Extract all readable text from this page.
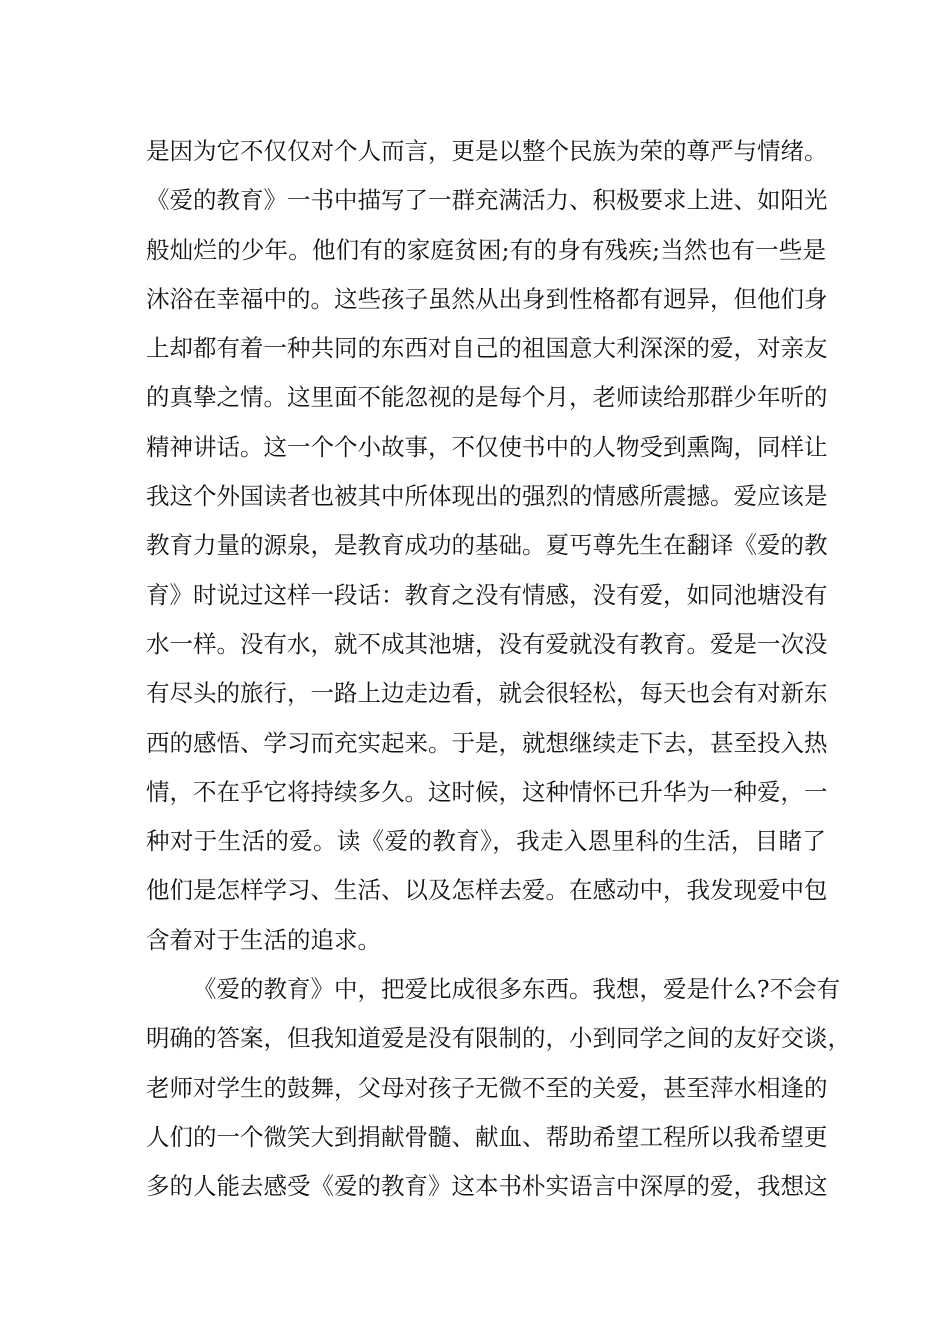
是因为它不仅仅对个人而言，更是以整个民族为荣的尊严与情绪。
《爱的教育》一书中描写了一群充满活力、积极要求上进、如阳光
般灿烂的少年。他们有的家庭贫困;有的身有残疾;当然也有一些是
沐浴在幸福中的。这些孩子虽然从出身到性格都有迥异，但他们身
上却都有着一种共同的东西对自己的祖国意大利深深的爱，对亲友
的真挚之情。这里面不能忽视的是每个月，老师读给那群少年听的
精神讲话。这一个个小故事，不仅使书中的人物受到熏陶，同样让
我这个外国读者也被其中所体现出的强烈的情感所震撼。爱应该是
教育力量的源泉，是教育成功的基础。夏丐尊先生在翻译《爱的教
育》时说过这样一段话：教育之没有情感，没有爱，如同池塘没有
水一样。没有水，就不成其池塘，没有爱就没有教育。爱是一次没
有尽头的旅行，一路上边走边看，就会很轻松，每天也会有对新东
西的感悟、学习而充实起来。于是，就想继续走下去，甚至投入热
情，不在乎它将持续多久。这时候，这种情怀已升华为一种爱，一
种对于生活的爱。读《爱的教育》，我走入恩里科的生活，目睹了
他们是怎样学习、生活、以及怎样去爱。在感动中，我发现爱中包
含着对于生活的追求。
《爱的教育》中，把爱比成很多东西。我想，爱是什么?不会有
明确的答案，但我知道爱是没有限制的，小到同学之间的友好交谈，
老师对学生的鼓舞，父母对孩子无微不至的关爱，甚至萍水相逢的
人们的一个微笑大到捐献骨髓、献血、帮助希望工程所以我希望更
多的人能去感受《爱的教育》这本书朴实语言中深厚的爱，我想这
